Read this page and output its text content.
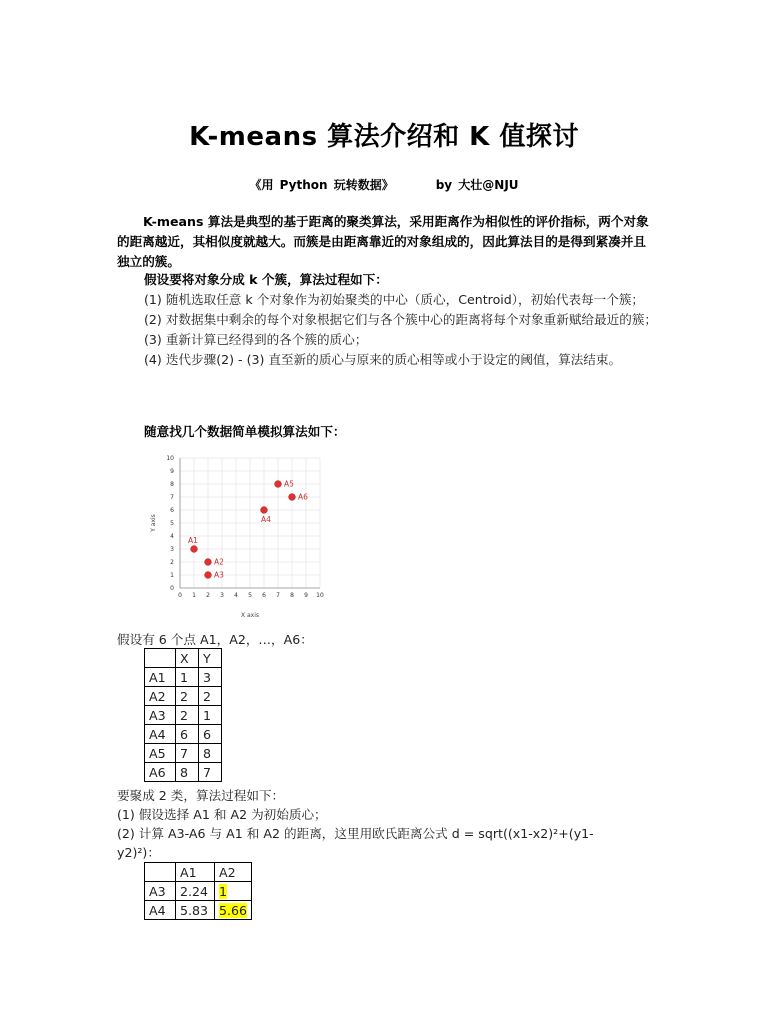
K-means 算法介绍和 K 值探讨
《用 Python 玩转数据》	by 大壮@NJU
K-means 算法是典型的基于距离的聚类算法，采用距离作为相似性的评价指标，两个对象的距离越近，其相似度就越大。而簇是由距离靠近的对象组成的，因此算法目的是得到紧凑并且独立的簇。
假设要将对象分成 k 个簇，算法过程如下：
(1) 随机选取任意 k 个对象作为初始聚类的中心（质心，Centroid），初始代表每一个簇；
(2) 对数据集中剩余的每个对象根据它们与各个簇中心的距离将每个对象重新赋给最近的簇；
(3) 重新计算已经得到的各个簇的质心；
(4) 迭代步骤(2) - (3) 直至新的质心与原来的质心相等或小于设定的阈值，算法结束。
随意找几个数据简单模拟算法如下：
0 1 2 3 4 5 6 7 8 9 10
0
1
2
3
4
5
6
7
8
9
10
A1
A2
A3
A4
A5
A6
X axis
Y axis
假设有 6 个点 A1，A2，…，A6：
	X	Y
A1	1	3
A2	2	2
A3	2	1
A4	6	6
A5	7	8
A6	8	7
要聚成 2 类，算法过程如下：
(1) 假设选择 A1 和 A2 为初始质心；
(2) 计算 A3-A6 与 A1 和 A2 的距离，这里用欧氏距离公式 d = sqrt((x1-x2)²+(y1-
y2)²)：
	A1	A2
A3	2.24	1
A4	5.83	5.66
